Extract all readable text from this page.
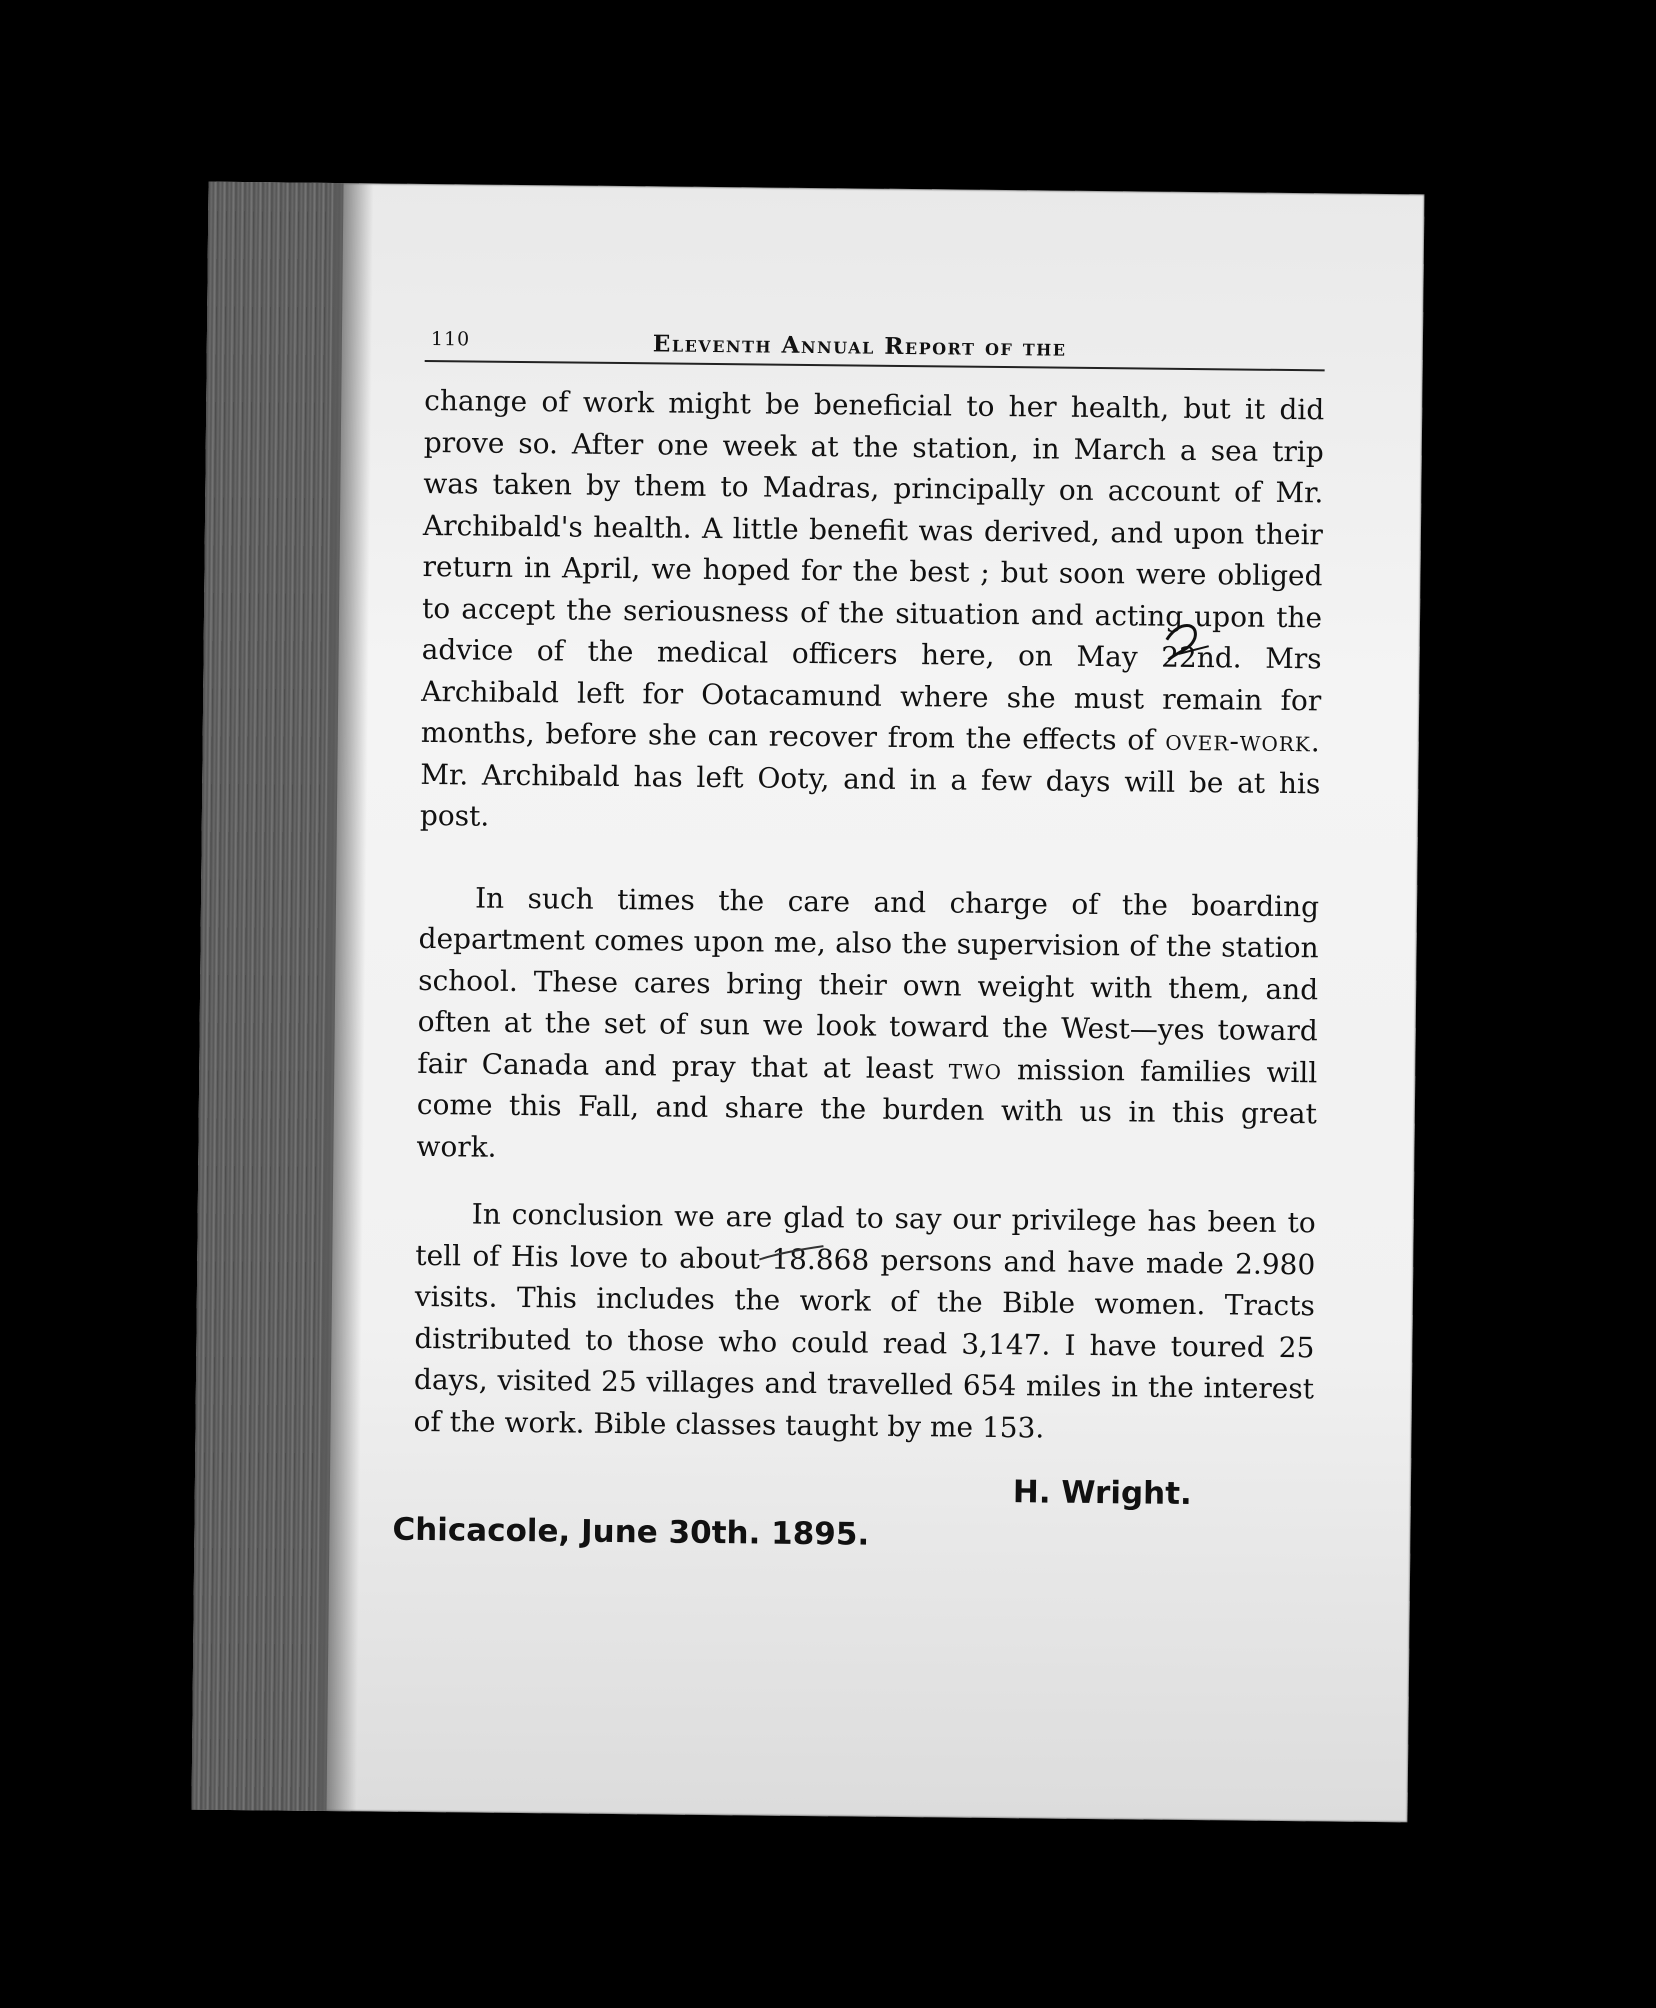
110	Eleventh Annual Report of the

change of work might be beneficial to her health, but it did prove so. After one week at the station, in March a sea trip was taken by them to Madras, principally on account of Mr. Archibald's health. A little benefit was derived, and upon their return in April, we hoped for the best ; but soon were obliged to accept the seriousness of the situation and acting upon the advice of the medical officers here, on May 22nd. Mrs Archibald left for Ootacamund where she must remain for months, before she can recover from the effects of over-work. Mr. Archibald has left Ooty, and in a few days will be at his post.

In such times the care and charge of the boarding department comes upon me, also the supervision of the station school. These cares bring their own weight with them, and often at the set of sun we look toward the West—yes toward fair Canada and pray that at least two mission families will come this Fall, and share the burden with us in this great work.

In conclusion we are glad to say our privilege has been to tell of His love to about 18.868 persons and have made 2.980 visits. This includes the work of the Bible women. Tracts distributed to those who could read 3,147. I have toured 25 days, visited 25 villages and travelled 654 miles in the interest of the work. Bible classes taught by me 153.

H. Wright.
Chicacole, June 30th. 1895.
